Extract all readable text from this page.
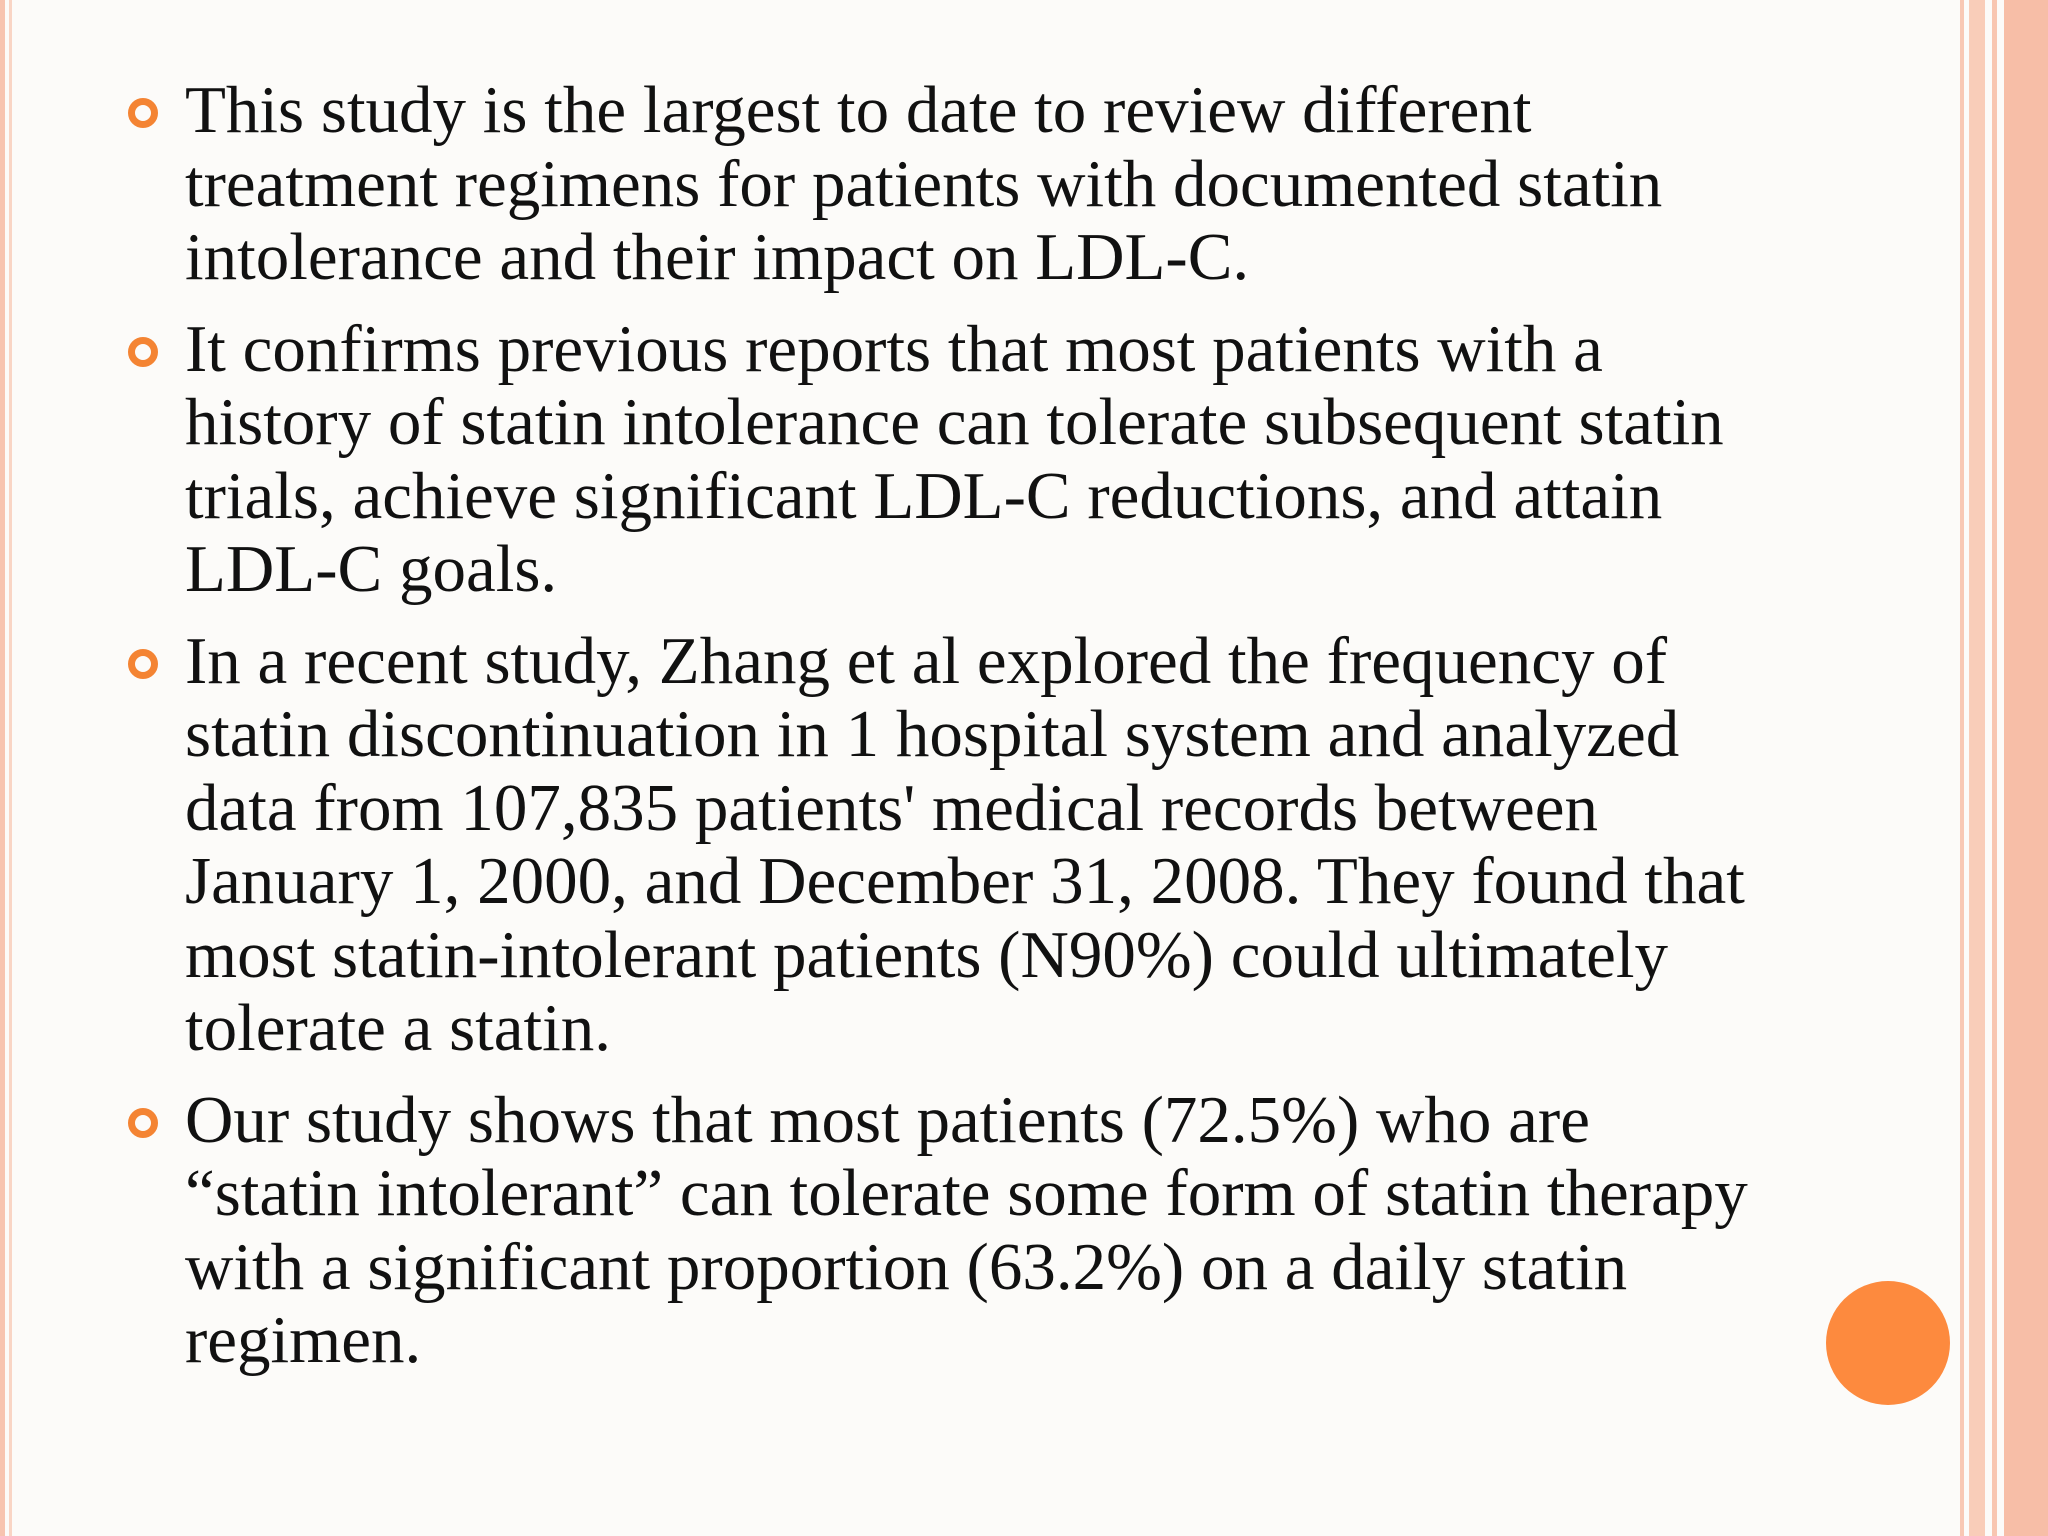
This study is the largest to date to review different treatment regimens for patients with documented statin intolerance and their impact on LDL-C.
It confirms previous reports that most patients with a history of statin intolerance can tolerate subsequent statin trials, achieve significant LDL-C reductions, and attain LDL-C goals.
In a recent study, Zhang et al explored the frequency of statin discontinuation in 1 hospital system and analyzed data from 107,835 patients' medical records between January 1, 2000, and December 31, 2008. They found that most statin-intolerant patients (N90%) could ultimately tolerate a statin.
Our study shows that most patients (72.5%) who are “statin intolerant” can tolerate some form of statin therapy with a significant proportion (63.2%) on a daily statin regimen.
